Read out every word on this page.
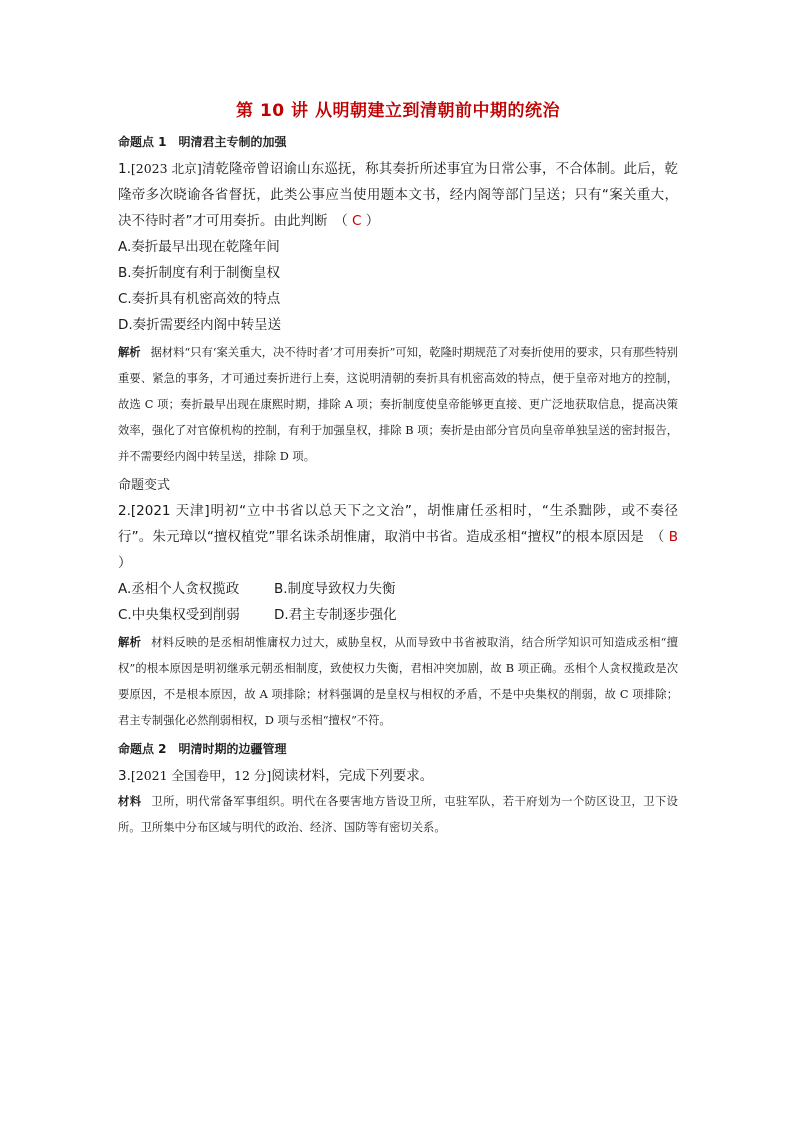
第 10 讲 从明朝建立到清朝前中期的统治
命题点 1　明清君主专制的加强

1.[2023 北京]清乾隆帝曾诏谕山东巡抚，称其奏折所述事宜为日常公事，不合体制。此后，乾隆帝多次晓谕各省督抚，此类公事应当使用题本文书，经内阁等部门呈送；只有“案关重大，决不待时者”才可用奏折。由此判断　（ C ）

A.奏折最早出现在乾隆年间

B.奏折制度有利于制衡皇权

C.奏折具有机密高效的特点

D.奏折需要经内阁中转呈送

解析 据材料“只有‘案关重大，决不待时者’才可用奏折”可知，乾隆时期规范了对奏折使用的要求，只有那些特别重要、紧急的事务，才可通过奏折进行上奏，这说明清朝的奏折具有机密高效的特点，便于皇帝对地方的控制，故选 C 项；奏折最早出现在康熙时期，排除 A 项；奏折制度使皇帝能够更直接、更广泛地获取信息，提高决策效率，强化了对官僚机构的控制，有利于加强皇权，排除 B 项；奏折是由部分官员向皇帝单独呈送的密封报告，并不需要经内阁中转呈送，排除 D 项。

命题变式

2.[2021 天津]明初“立中书省以总天下之文治”，胡惟庸任丞相时，“生杀黜陟，或不奏径行”。朱元璋以“擅权植党”罪名诛杀胡惟庸，取消中书省。造成丞相“擅权”的根本原因是　（ B ）

A.丞相个人贪权揽政	B.制度导致权力失衡
C.中央集权受到削弱	D.君主专制逐步强化

解析 材料反映的是丞相胡惟庸权力过大，威胁皇权，从而导致中书省被取消，结合所学知识可知造成丞相“擅权”的根本原因是明初继承元朝丞相制度，致使权力失衡，君相冲突加剧，故 B 项正确。丞相个人贪权揽政是次要原因，不是根本原因，故 A 项排除；材料强调的是皇权与相权的矛盾，不是中央集权的削弱，故 C 项排除；君主专制强化必然削弱相权，D 项与丞相“擅权”不符。

命题点 2　明清时期的边疆管理

3.[2021 全国卷甲，12 分]阅读材料，完成下列要求。

材料 卫所，明代常备军事组织。明代在各要害地方皆设卫所，屯驻军队，若干府划为一个防区设卫，卫下设所。卫所集中分布区域与明代的政治、经济、国防等有密切关系。
